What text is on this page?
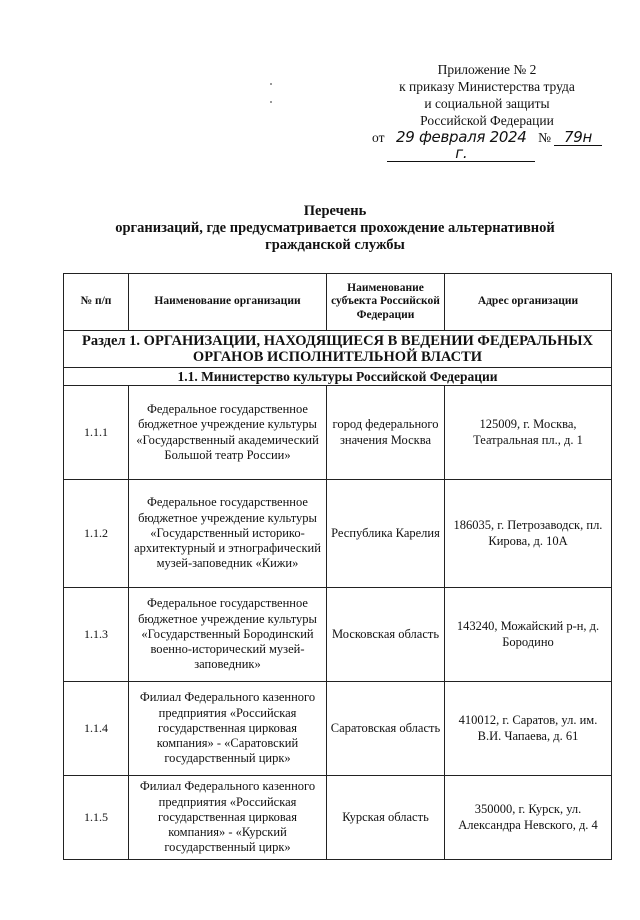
Приложение № 2
к приказу Министерства труда
и социальной защиты
Российской Федерации
от 29 февраля 2024 г.
№ 79н
Перечень
организаций, где предусматривается прохождение альтернативной
гражданской службы
№ п/п	Наименование организации	Наименование субъекта Российской Федерации	Адрес организации
Раздел 1. ОРГАНИЗАЦИИ, НАХОДЯЩИЕСЯ В ВЕДЕНИИ ФЕДЕРАЛЬНЫХ ОРГАНОВ ИСПОЛНИТЕЛЬНОЙ ВЛАСТИ			
1.1. Министерство культуры Российской Федерации			
1.1.1	Федеральное государственное бюджетное учреждение культуры «Государственный академический Большой театр России»	город федерального значения Москва	125009, г. Москва, Театральная пл., д. 1
1.1.2	Федеральное государственное бюджетное учреждение культуры «Государственный историко-архитектурный и этнографический музей-заповедник «Кижи»	Республика Карелия	186035, г. Петрозаводск, пл. Кирова, д. 10А
1.1.3	Федеральное государственное бюджетное учреждение культуры «Государственный Бородинский военно-исторический музей-заповедник»	Московская область	143240, Можайский р-н, д. Бородино
1.1.4	Филиал Федерального казенного предприятия «Российская государственная цирковая компания» - «Саратовский государственный цирк»	Саратовская область	410012, г. Саратов, ул. им. В.И. Чапаева, д. 61
1.1.5	Филиал Федерального казенного предприятия «Российская государственная цирковая компания» - «Курский государственный цирк»	Курская область	350000, г. Курск, ул. Александра Невского, д. 4
